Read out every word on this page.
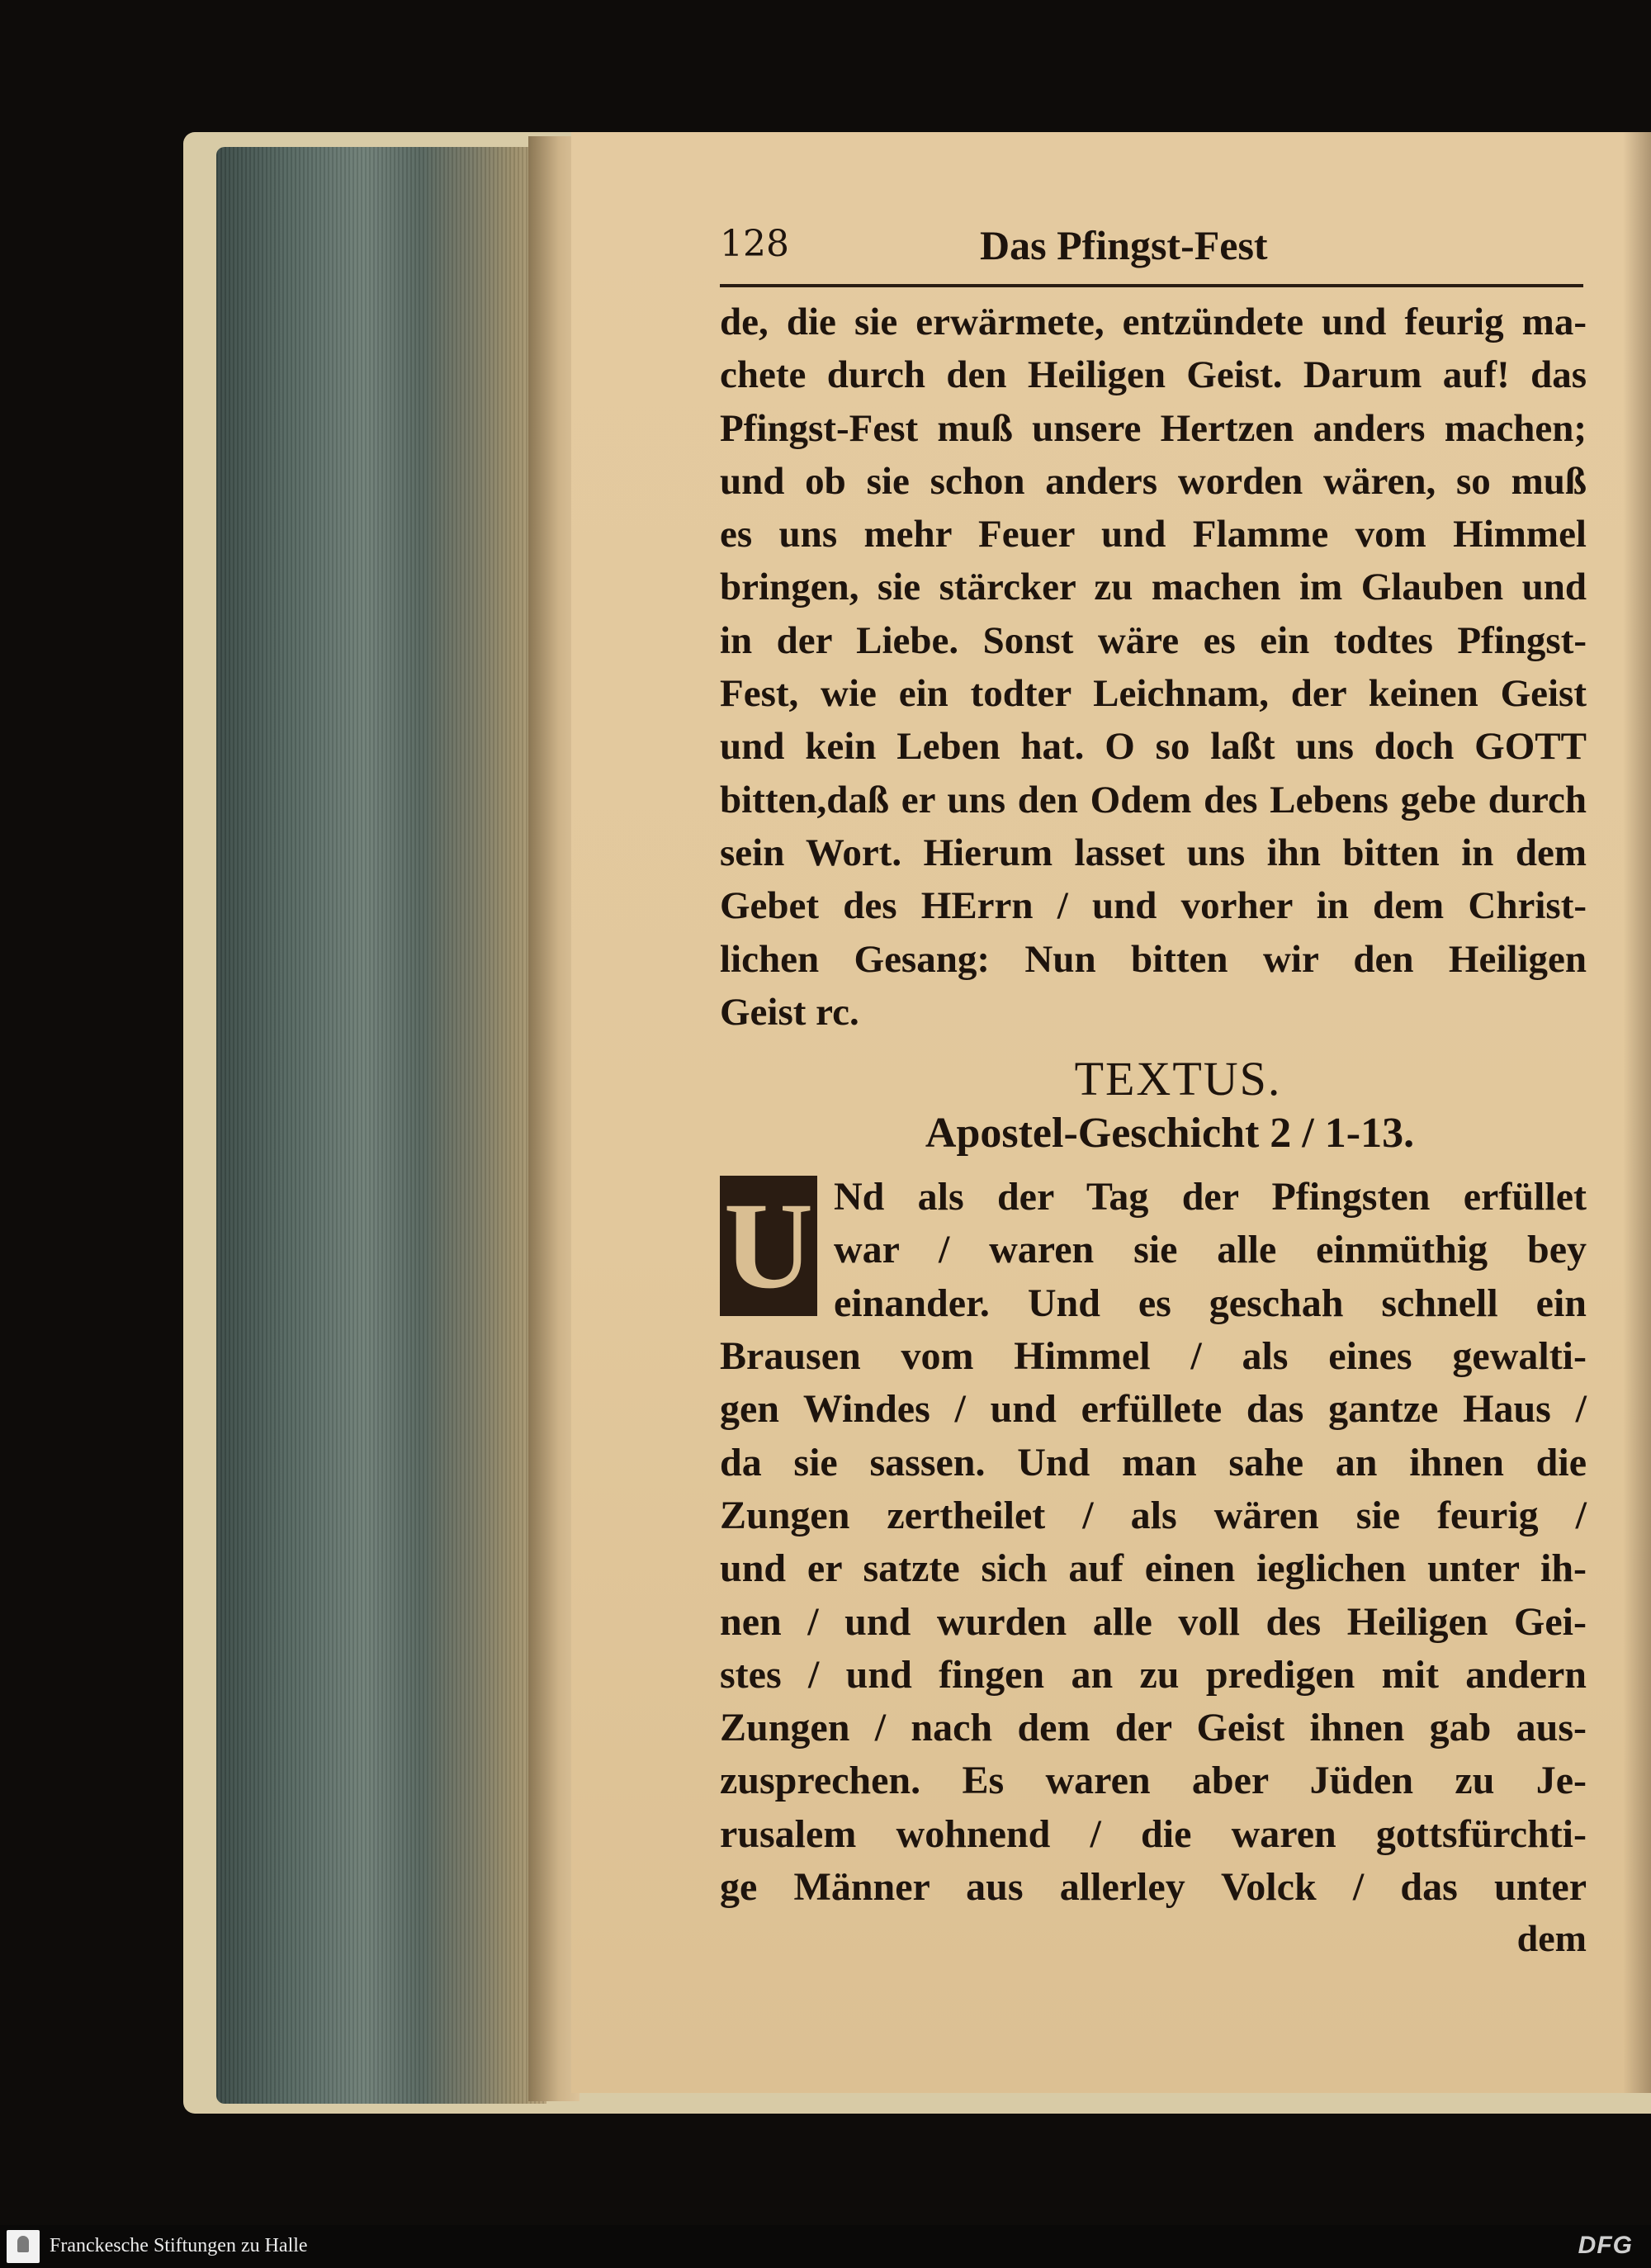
128	Das Pfingst-Fest
de, die sie erwärmete, entzündete und feurig ma-
chete durch den Heiligen Geist. Darum auf! das
Pfingst-Fest muß unsere Hertzen anders machen;
und ob sie schon anders worden wären, so muß
es uns mehr Feuer und Flamme vom Himmel
bringen, sie stärcker zu machen im Glauben und
in der Liebe. Sonst wäre es ein todtes Pfingst-
Fest, wie ein todter Leichnam, der keinen Geist
und kein Leben hat. O so laßt uns doch GOTT
bitten,daß er uns den Odem des Lebens gebe durch
sein Wort. Hierum lasset uns ihn bitten in dem
Gebet des HErrn / und vorher in dem Christ-
lichen Gesang: Nun bitten wir den Heiligen
Geist rc.
TEXTUS.
Apostel-Geschicht 2 / 1-13.
U Nd als der Tag der Pfingsten erfüllet
war / waren sie alle einmüthig bey
einander. Und es geschah schnell ein
Brausen vom Himmel / als eines gewalti-
gen Windes / und erfüllete das gantze Haus /
da sie sassen. Und man sahe an ihnen die
Zungen zertheilet / als wären sie feurig /
und er satzte sich auf einen ieglichen unter ih-
nen / und wurden alle voll des Heiligen Gei-
stes / und fingen an zu predigen mit andern
Zungen / nach dem der Geist ihnen gab aus-
zusprechen. Es waren aber Jüden zu Je-
rusalem wohnend / die waren gottsfürchti-
ge Männer aus allerley Volck / das unter
dem
Franckesche Stiftungen zu Halle	DFG
